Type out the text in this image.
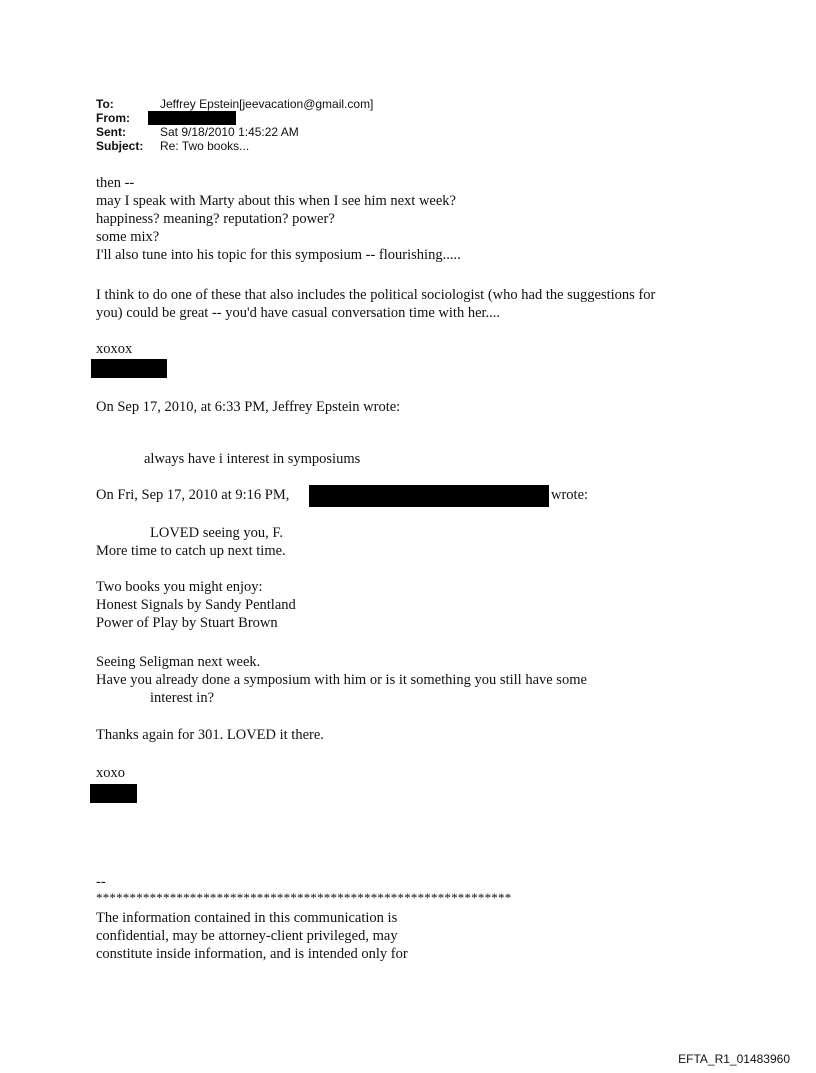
To:	Jeffrey Epstein[jeevacation@gmail.com]
From:
Sent:	Sat 9/18/2010 1:45:22 AM
Subject: Re: Two books...
then --
may I speak with Marty about this when I see him next week?
happiness? meaning? reputation? power?
some mix?
I'll also tune into his topic for this symposium -- flourishing.....
I think to do one of these that also includes the political sociologist (who had the suggestions for
you) could be great -- you'd have casual conversation time with her....
xoxox
On Sep 17, 2010, at 6:33 PM, Jeffrey Epstein wrote:
always have i interest in symposiums
On Fri, Sep 17, 2010 at 9:16 PM,	wrote:
LOVED seeing you, F.
More time to catch up next time.
Two books you might enjoy:
Honest Signals by Sandy Pentland
Power of Play by Stuart Brown
Seeing Seligman next week.
Have you already done a symposium with him or is it something you still have some
interest in?
Thanks again for 301. LOVED it there.
xoxo
--
**************************************************************
The information contained in this communication is
confidential, may be attorney-client privileged, may
constitute inside information, and is intended only for
EFTA_R1_01483960
